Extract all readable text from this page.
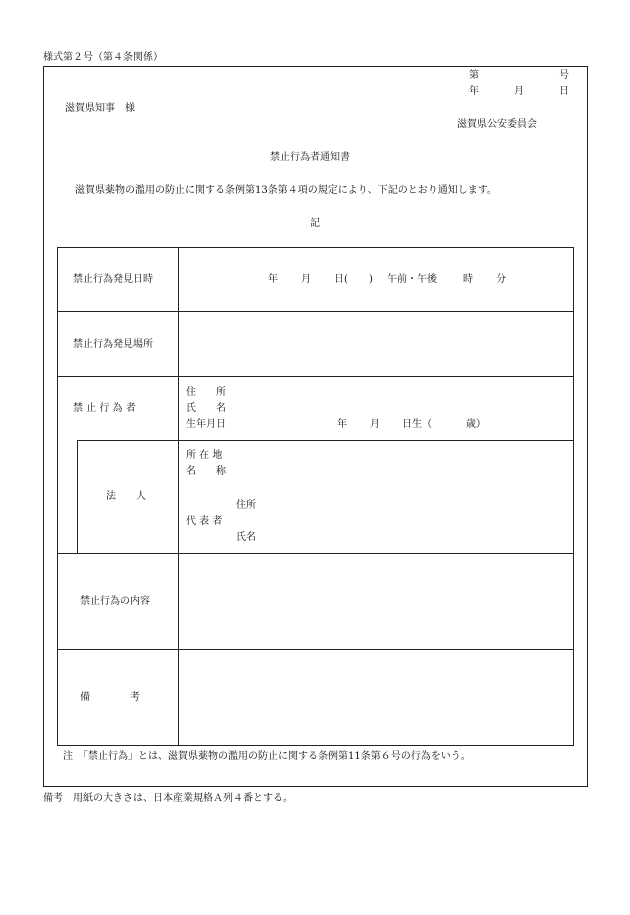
様式第２号（第４条関係）
第	号
年	月	日
滋賀県知事　様
滋賀県公安委員会
禁止行為者通知書
滋賀県薬物の濫用の防止に関する条例第13条第４項の規定により、下記のとおり通知します。
記
禁止行為発見日時	年 月 日( ) 午前・午後	時 分
禁止行為発見場所
禁 止 行 為 者
住　　所
氏　　名
生年月日	年 月 日生（	歳）
法　　人
所 在 地
名　　称
住所
代 表 者
氏名
禁止行為の内容
備　　　　考
注　「禁止行為」とは、滋賀県薬物の濫用の防止に関する条例第11条第６号の行為をいう。
備考　用紙の大きさは、日本産業規格Ａ列４番とする。
